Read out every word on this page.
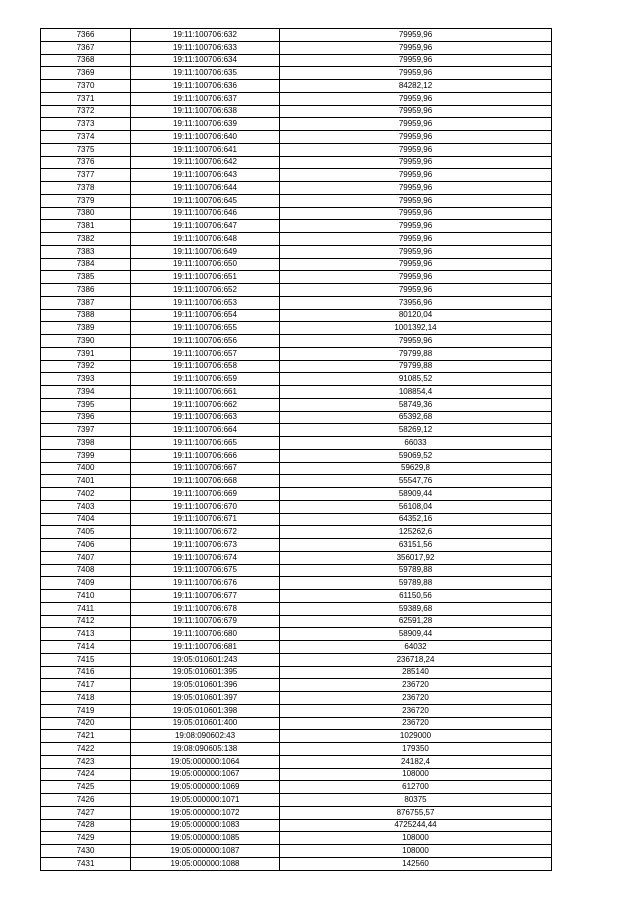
7366	19:11:100706:632	79959,96
7367	19:11:100706:633	79959,96
7368	19:11:100706:634	79959,96
7369	19:11:100706:635	79959,96
7370	19:11:100706:636	84282,12
7371	19:11:100706:637	79959,96
7372	19:11:100706:638	79959,96
7373	19:11:100706:639	79959,96
7374	19:11:100706:640	79959,96
7375	19:11:100706:641	79959,96
7376	19:11:100706:642	79959,96
7377	19:11:100706:643	79959,96
7378	19:11:100706:644	79959,96
7379	19:11:100706:645	79959,96
7380	19:11:100706:646	79959,96
7381	19:11:100706:647	79959,96
7382	19:11:100706:648	79959,96
7383	19:11:100706:649	79959,96
7384	19:11:100706:650	79959,96
7385	19:11:100706:651	79959,96
7386	19:11:100706:652	79959,96
7387	19:11:100706:653	73956,96
7388	19:11:100706:654	80120,04
7389	19:11:100706:655	1001392,14
7390	19:11:100706:656	79959,96
7391	19:11:100706:657	79799,88
7392	19:11:100706:658	79799,88
7393	19:11:100706:659	91085,52
7394	19:11:100706:661	108854,4
7395	19:11:100706:662	58749,36
7396	19:11:100706:663	65392,68
7397	19:11:100706:664	58269,12
7398	19:11:100706:665	66033
7399	19:11:100706:666	59069,52
7400	19:11:100706:667	59629,8
7401	19:11:100706:668	55547,76
7402	19:11:100706:669	58909,44
7403	19:11:100706:670	56108,04
7404	19:11:100706:671	64352,16
7405	19:11:100706:672	125262,6
7406	19:11:100706:673	63151,56
7407	19:11:100706:674	356017,92
7408	19:11:100706:675	59789,88
7409	19:11:100706:676	59789,88
7410	19:11:100706:677	61150,56
7411	19:11:100706:678	59389,68
7412	19:11:100706:679	62591,28
7413	19:11:100706:680	58909,44
7414	19:11:100706:681	64032
7415	19:05:010601:243	236718,24
7416	19:05:010601:395	285140
7417	19:05:010601:396	236720
7418	19:05:010601:397	236720
7419	19:05:010601:398	236720
7420	19:05:010601:400	236720
7421	19:08:090602:43	1029000
7422	19:08:090605:138	179350
7423	19:05:000000:1064	24182,4
7424	19:05:000000:1067	108000
7425	19:05:000000:1069	612700
7426	19:05:000000:1071	80375
7427	19:05:000000:1072	876755,57
7428	19:05:000000:1083	4725244,44
7429	19:05:000000:1085	108000
7430	19:05:000000:1087	108000
7431	19:05:000000:1088	142560
